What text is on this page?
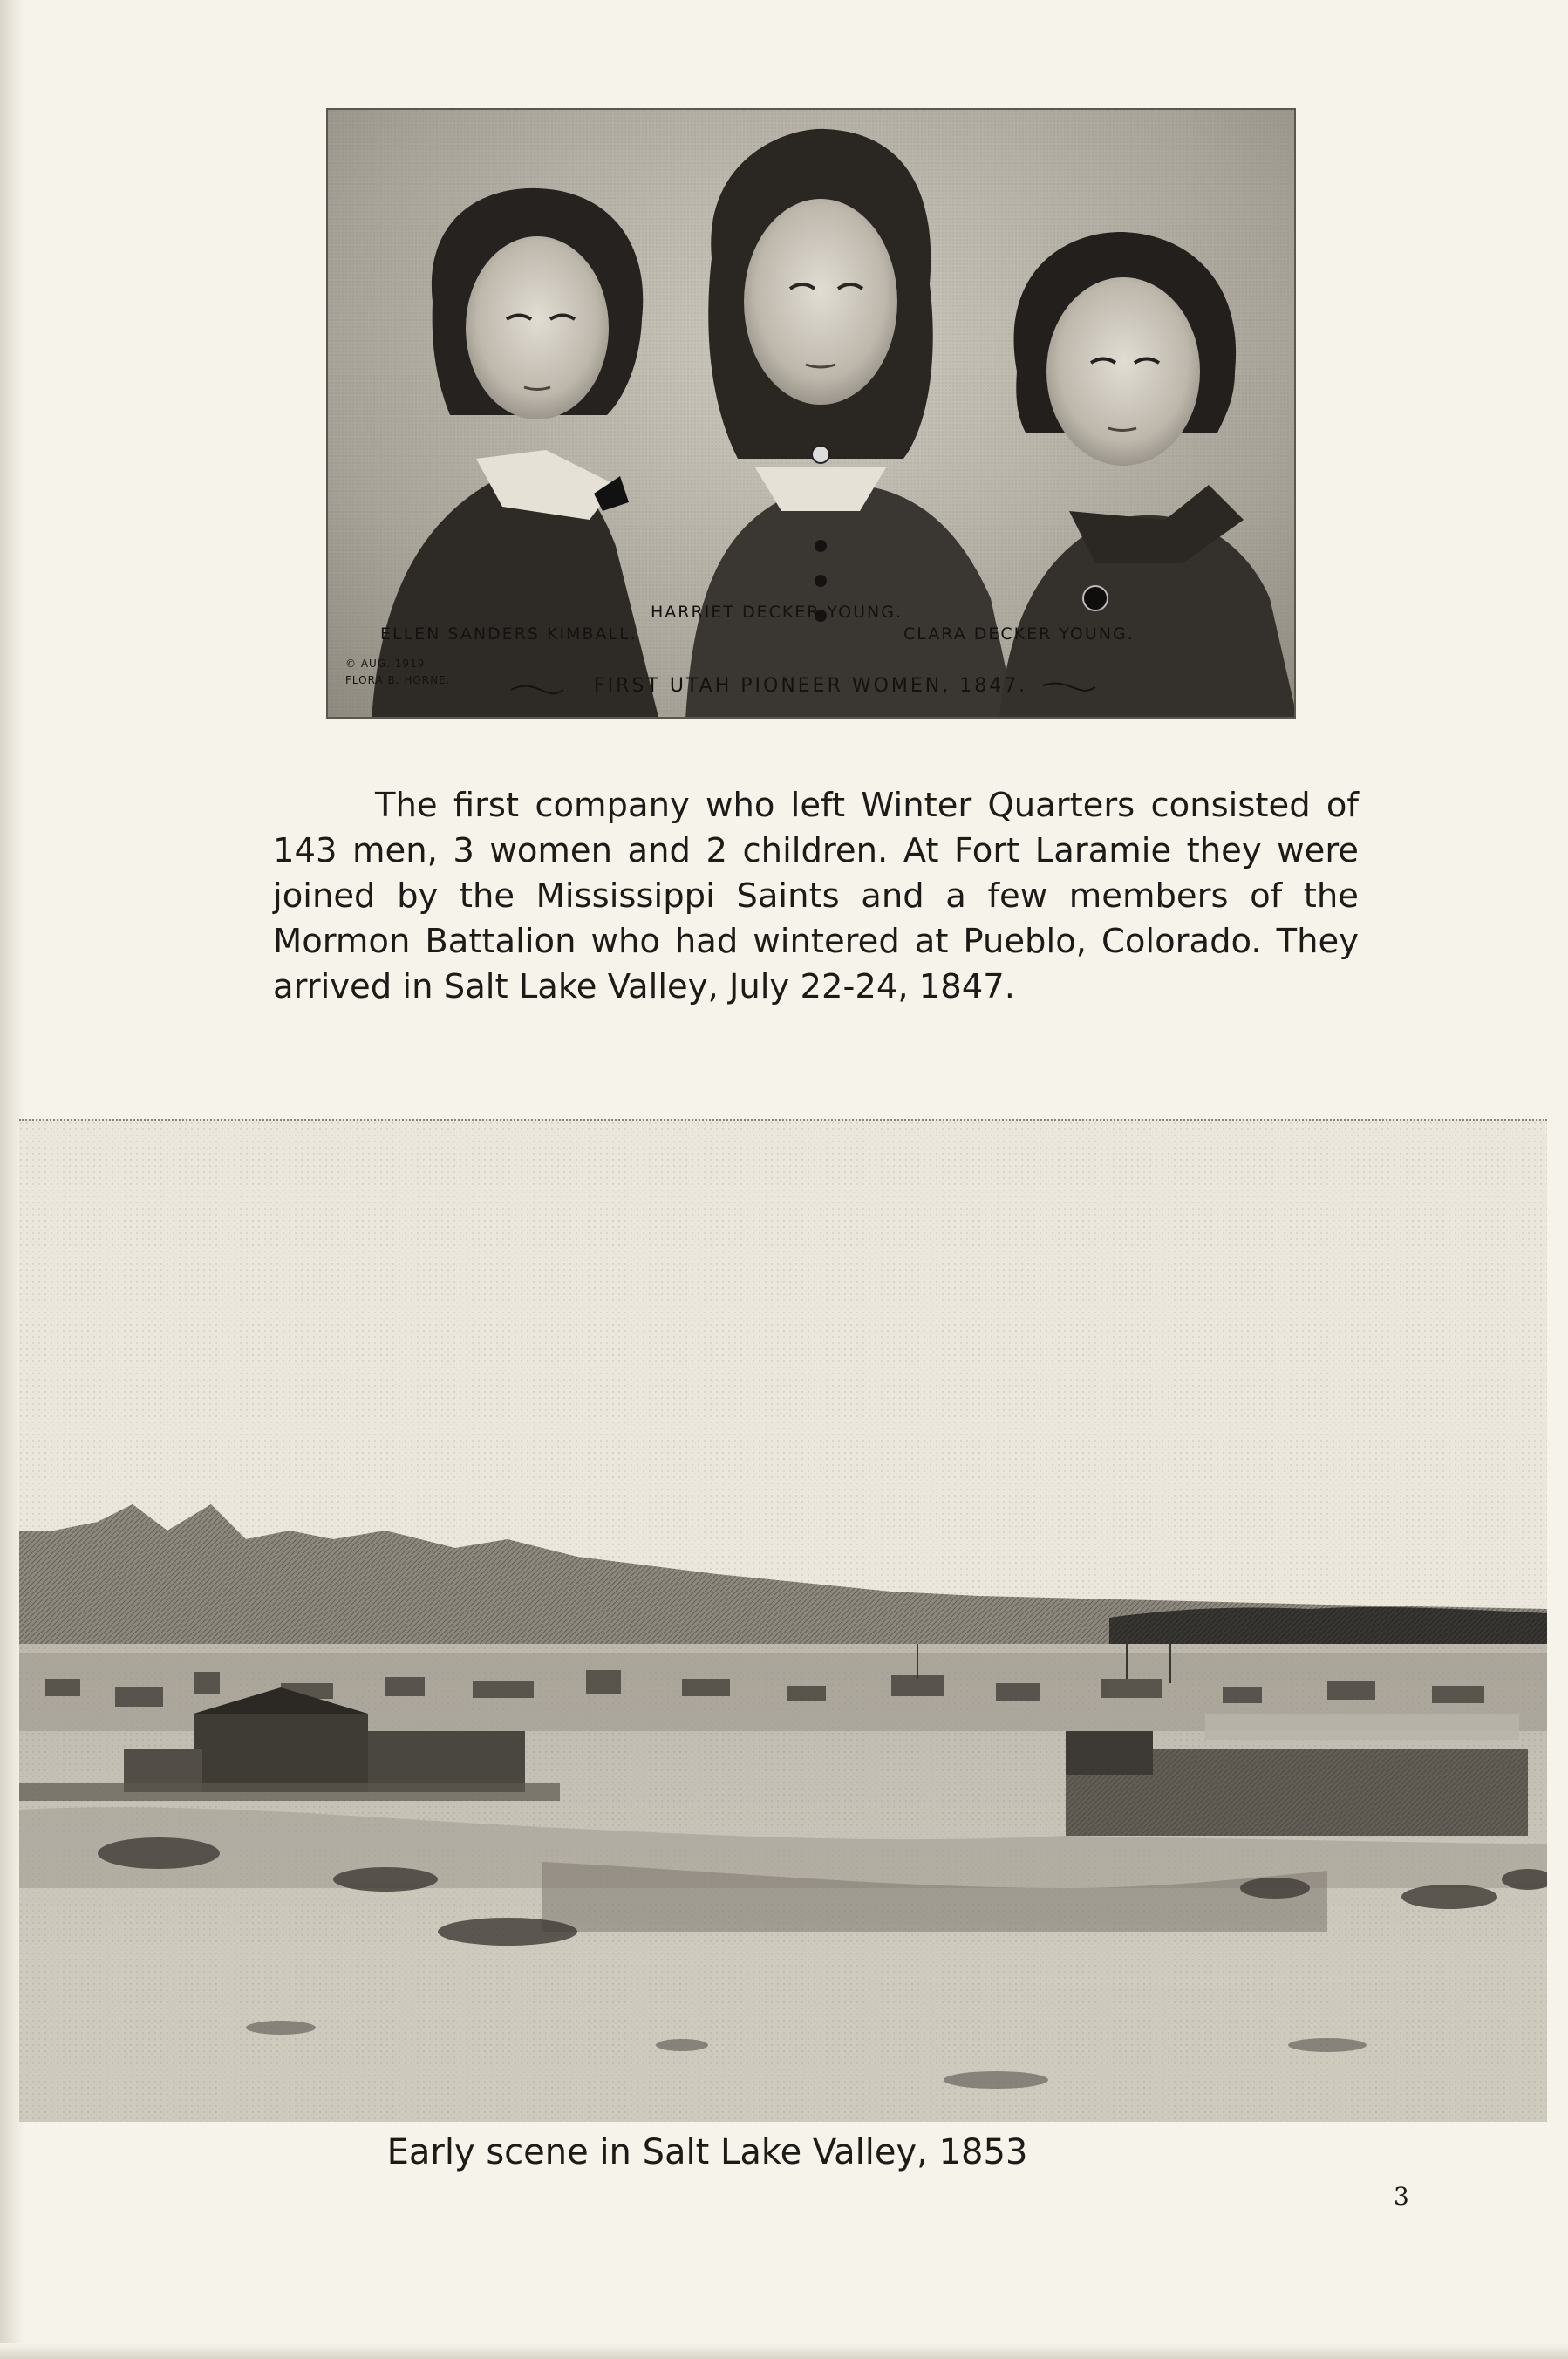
HARRIET DECKER YOUNG.
ELLEN SANDERS KIMBALL.	CLARA DECKER YOUNG.
© AUG. 1919
FLORA B. HORNE.	FIRST UTAH PIONEER WOMEN, 1847.

The first company who left Winter Quarters consisted of 143 men, 3 women and 2 children. At Fort Laramie they were joined by the Mississippi Saints and a few members of the Mormon Battalion who had wintered at Pueblo, Colorado. They arrived in Salt Lake Valley, July 22-24, 1847.

Early scene in Salt Lake Valley, 1853
3
